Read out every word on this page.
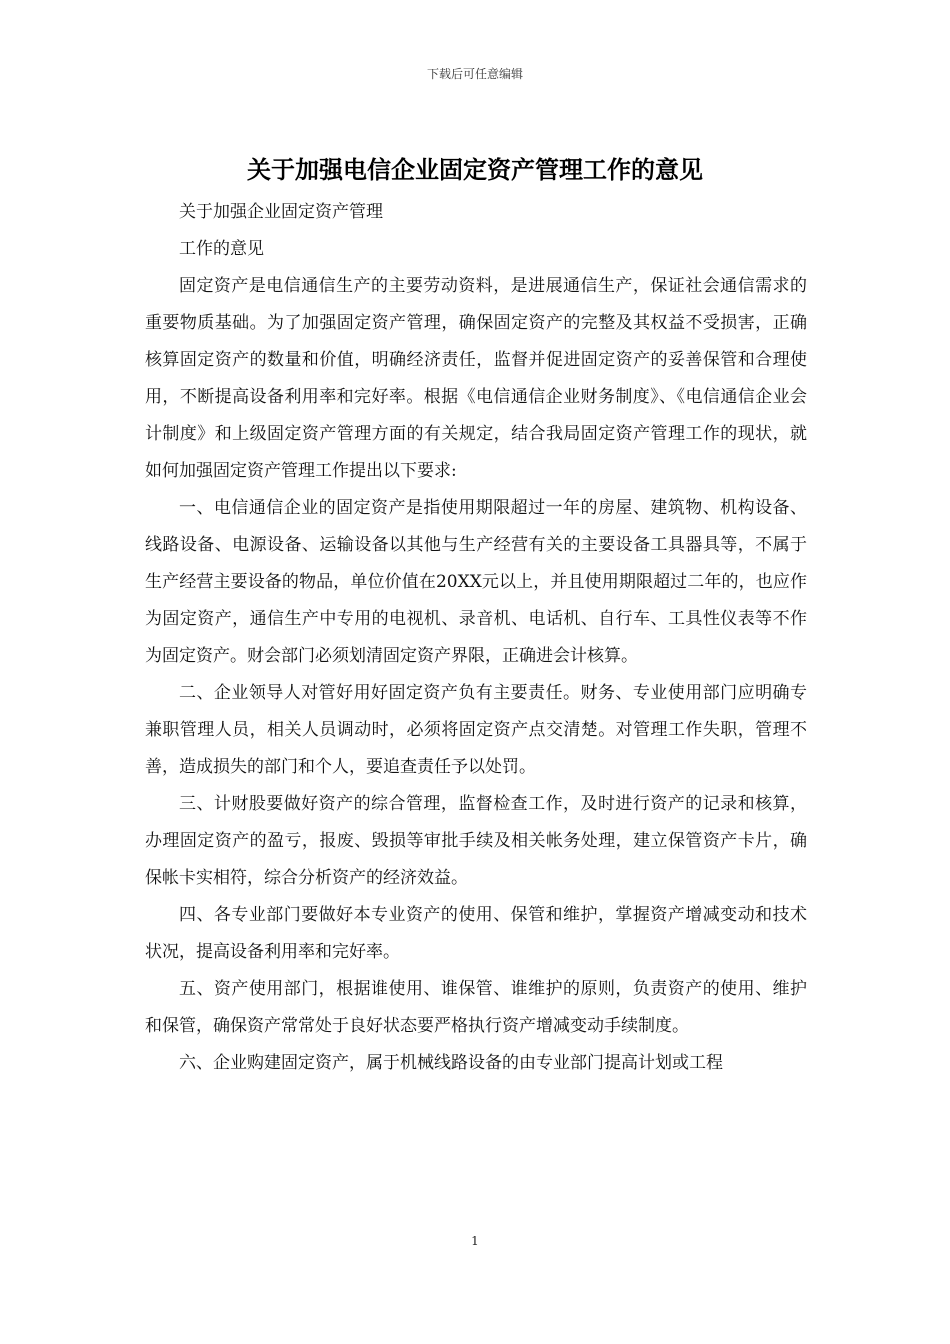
下载后可任意编辑
关于加强电信企业固定资产管理工作的意见

关于加强企业固定资产管理

工作的意见

固定资产是电信通信生产的主要劳动资料，是进展通信生产，保证社会通信需求的重要物质基础。为了加强固定资产管理，确保固定资产的完整及其权益不受损害，正确核算固定资产的数量和价值，明确经济责任，监督并促进固定资产的妥善保管和合理使用，不断提高设备利用率和完好率。根据《电信通信企业财务制度》、《电信通信企业会计制度》和上级固定资产管理方面的有关规定，结合我局固定资产管理工作的现状，就如何加强固定资产管理工作提出以下要求:

一、电信通信企业的固定资产是指使用期限超过一年的房屋、建筑物、机构设备、线路设备、电源设备、运输设备以其他与生产经营有关的主要设备工具器具等，不属于生产经营主要设备的物品，单位价值在20XX元以上，并且使用期限超过二年的，也应作为固定资产，通信生产中专用的电视机、录音机、电话机、自行车、工具性仪表等不作为固定资产。财会部门必须划清固定资产界限，正确进会计核算。

二、企业领导人对管好用好固定资产负有主要责任。财务、专业使用部门应明确专兼职管理人员，相关人员调动时，必须将固定资产点交清楚。对管理工作失职，管理不善，造成损失的部门和个人，要追查责任予以处罚。

三、计财股要做好资产的综合管理，监督检查工作，及时进行资产的记录和核算，办理固定资产的盈亏，报废、毁损等审批手续及相关帐务处理，建立保管资产卡片，确保帐卡实相符，综合分析资产的经济效益。

四、各专业部门要做好本专业资产的使用、保管和维护，掌握资产增减变动和技术状况，提高设备利用率和完好率。

五、资产使用部门，根据谁使用、谁保管、谁维护的原则，负责资产的使用、维护和保管，确保资产常常处于良好状态要严格执行资产增减变动手续制度。

六、企业购建固定资产，属于机械线路设备的由专业部门提高计划或工程

1
